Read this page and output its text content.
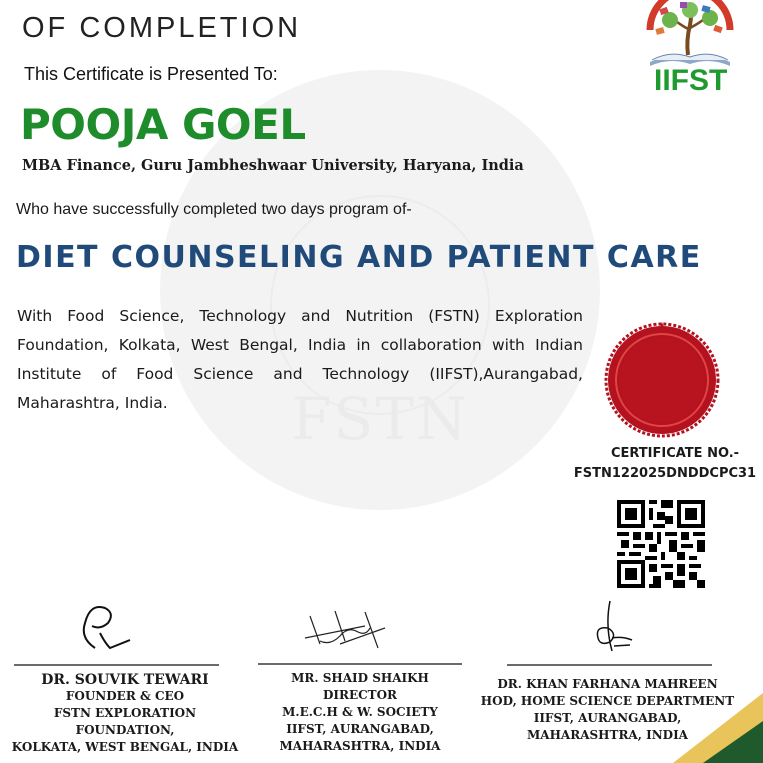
FSTN
OF COMPLETION
This Certificate is Presented To:
POOJA GOEL
MBA Finance, Guru Jambheshwaar University, Haryana, India
Who have successfully completed two days program of-
DIET COUNSELING AND PATIENT CARE
With Food Science, Technology and Nutrition (FSTN) Exploration Foundation, Kolkata, West Bengal, India in collaboration with Indian Institute of Food Science and Technology (IIFST),Aurangabad, Maharashtra, India.
IIFST
CERTIFICATE NO.-
FSTN122025DNDDCPC31
DR. SOUVIK TEWARI
FOUNDER & CEO
FSTN EXPLORATION FOUNDATION,
KOLKATA, WEST BENGAL, INDIA
MR. SHAID SHAIKH
DIRECTOR
M.E.C.H & W. SOCIETY
IIFST, AURANGABAD,
MAHARASHTRA, INDIA
DR. KHAN FARHANA MAHREEN
HOD, HOME SCIENCE DEPARTMENT
IIFST, AURANGABAD,
MAHARASHTRA, INDIA
